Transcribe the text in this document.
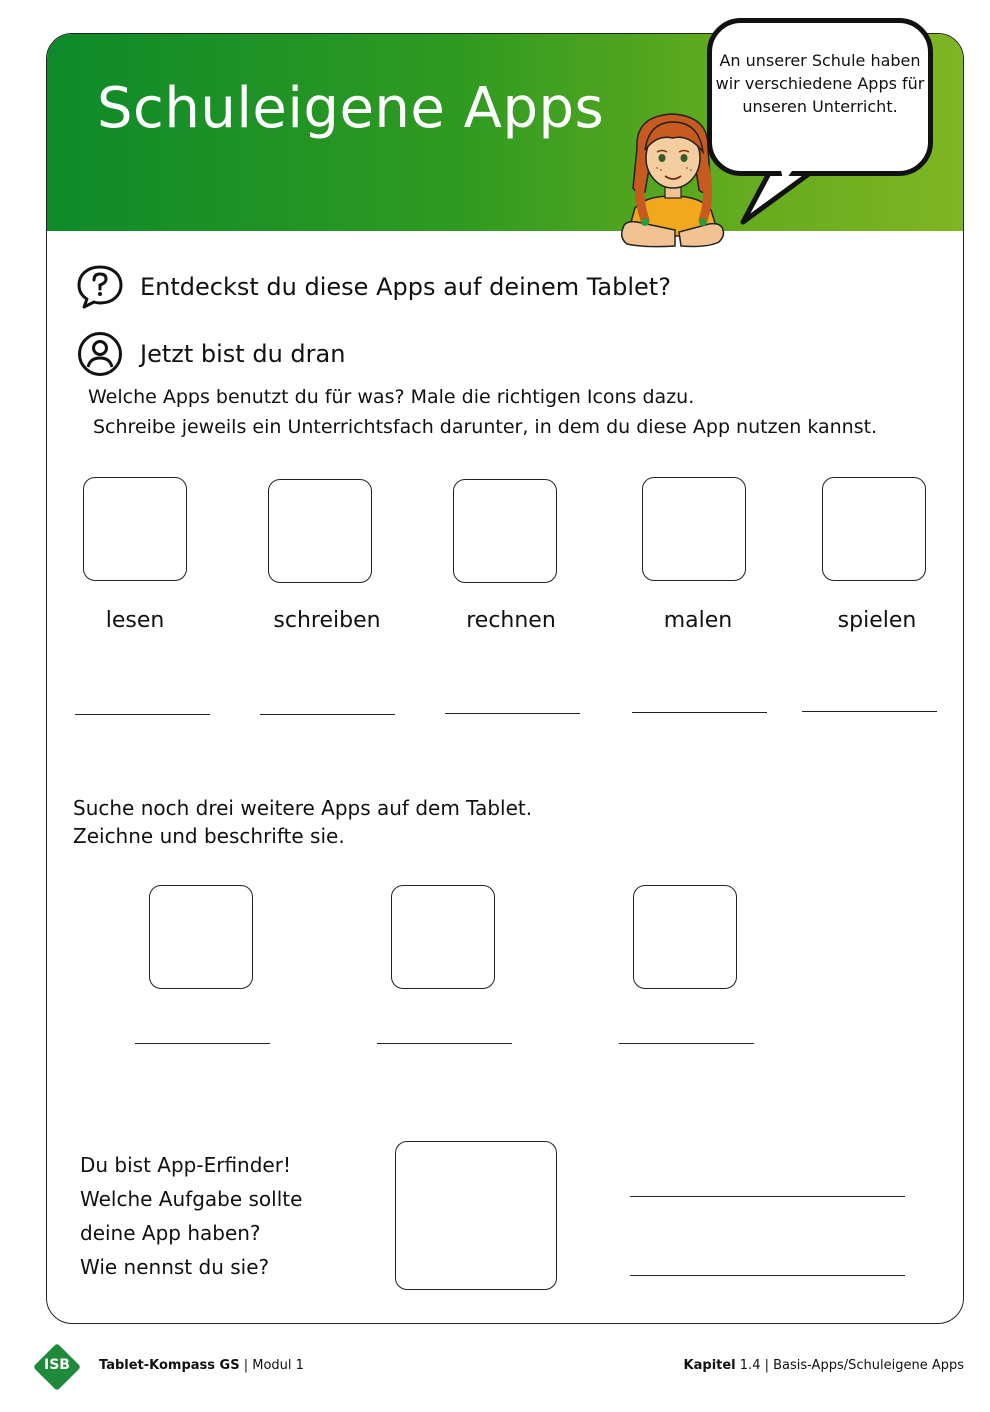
Schuleigene Apps
An unserer Schule haben wir verschiedene Apps für unseren Unterricht.
Entdeckst du diese Apps auf deinem Tablet?
Jetzt bist du dran
Welche Apps benutzt du für was? Male die richtigen Icons dazu.
Schreibe jeweils ein Unterrichtsfach darunter, in dem du diese App nutzen kannst.
lesen	schreiben	rechnen	malen	spielen
Suche noch drei weitere Apps auf dem Tablet.
Zeichne und beschrifte sie.
Du bist App-Erfinder!
Welche Aufgabe sollte
deine App haben?
Wie nennst du sie?
ISB	Tablet-Kompass GS | Modul 1	Kapitel 1.4 | Basis-Apps/Schuleigene Apps
